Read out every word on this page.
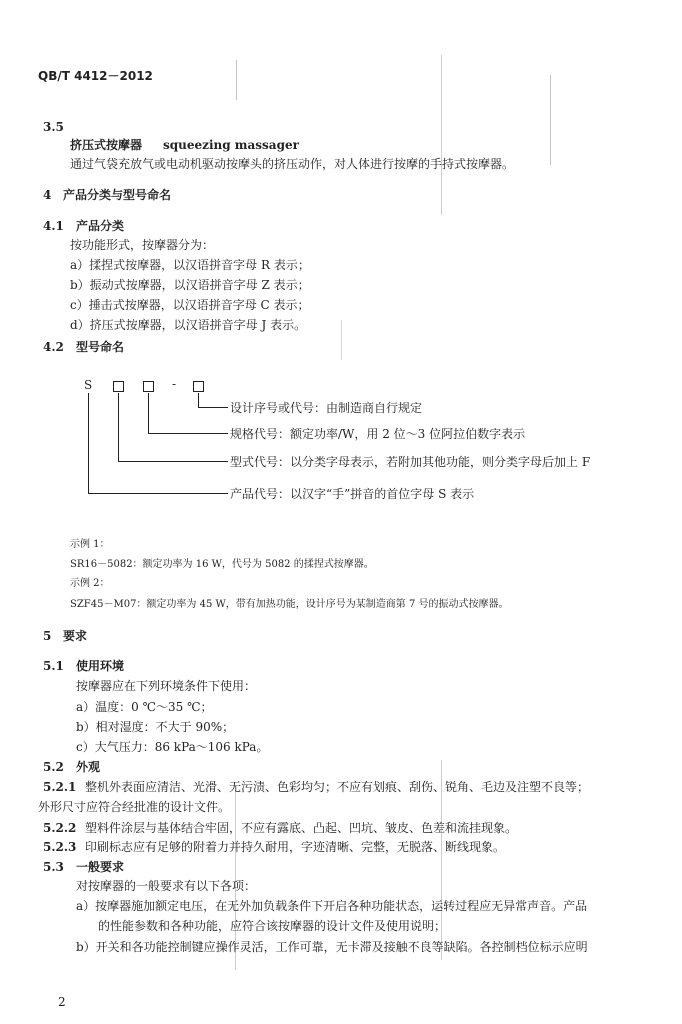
QB/T 4412－2012
3.5
挤压式按摩器 squeezing massager
通过气袋充放气或电动机驱动按摩头的挤压动作，对人体进行按摩的手持式按摩器。
4 产品分类与型号命名
4.1 产品分类
按功能形式，按摩器分为：
a）揉捏式按摩器，以汉语拼音字母 R 表示；
b）振动式按摩器，以汉语拼音字母 Z 表示；
c）捶击式按摩器，以汉语拼音字母 C 表示；
d）挤压式按摩器，以汉语拼音字母 J 表示。
4.2 型号命名
S	-
设计序号或代号：由制造商自行规定
规格代号：额定功率/W，用 2 位～3 位阿拉伯数字表示
型式代号：以分类字母表示，若附加其他功能，则分类字母后加上 F
产品代号：以汉字“手”拼音的首位字母 S 表示
示例 1：
SR16－5082：额定功率为 16 W，代号为 5082 的揉捏式按摩器。
示例 2：
SZF45－M07：额定功率为 45 W，带有加热功能，设计序号为某制造商第 7 号的振动式按摩器。
5 要求
5.1 使用环境
按摩器应在下列环境条件下使用：
a）温度：0 ℃～35 ℃；
b）相对湿度：不大于 90%；
c）大气压力：86 kPa～106 kPa。
5.2 外观
5.2.1 整机外表面应清洁、光滑、无污渍、色彩均匀；不应有划痕、刮伤、锐角、毛边及注塑不良等；
外形尺寸应符合经批准的设计文件。
5.2.2 塑料件涂层与基体结合牢固，不应有露底、凸起、凹坑、皱皮、色差和流挂现象。
5.2.3 印刷标志应有足够的附着力并持久耐用，字迹清晰、完整，无脱落、断线现象。
5.3 一般要求
对按摩器的一般要求有以下各项：
a）按摩器施加额定电压，在无外加负载条件下开启各种功能状态，运转过程应无异常声音。产品
的性能参数和各种功能，应符合该按摩器的设计文件及使用说明；
b）开关和各功能控制键应操作灵活，工作可靠，无卡滞及接触不良等缺陷。各控制档位标示应明
2
